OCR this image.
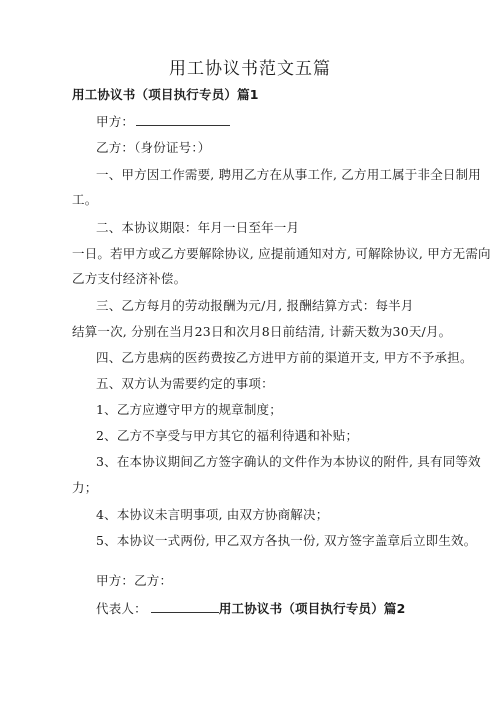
用工协议书范文五篇
用工协议书（项目执行专员）篇1
甲方：
乙方：（身份证号：）
一、甲方因工作需要, 聘用乙方在从事工作, 乙方用工属于非全日制用
工。
二、本协议期限：年月一日至年一月
一日。若甲方或乙方要解除协议, 应提前通知对方, 可解除协议, 甲方无需向
乙方支付经济补偿。
三、乙方每月的劳动报酬为元/月, 报酬结算方式：每半月
结算一次, 分别在当月23日和次月8日前结清, 计薪天数为30天/月。
四、乙方患病的医药费按乙方进甲方前的渠道开支, 甲方不予承担。
五、双方认为需要约定的事项：
1、乙方应遵守甲方的规章制度；
2、乙方不享受与甲方其它的福利待遇和补贴；
3、在本协议期间乙方签字确认的文件作为本协议的附件, 具有同等效
力；
4、本协议未言明事项, 由双方协商解决；
5、本协议一式两份, 甲乙双方各执一份, 双方签字盖章后立即生效。
甲方：乙方：
代表人：	用工协议书（项目执行专员）篇2
